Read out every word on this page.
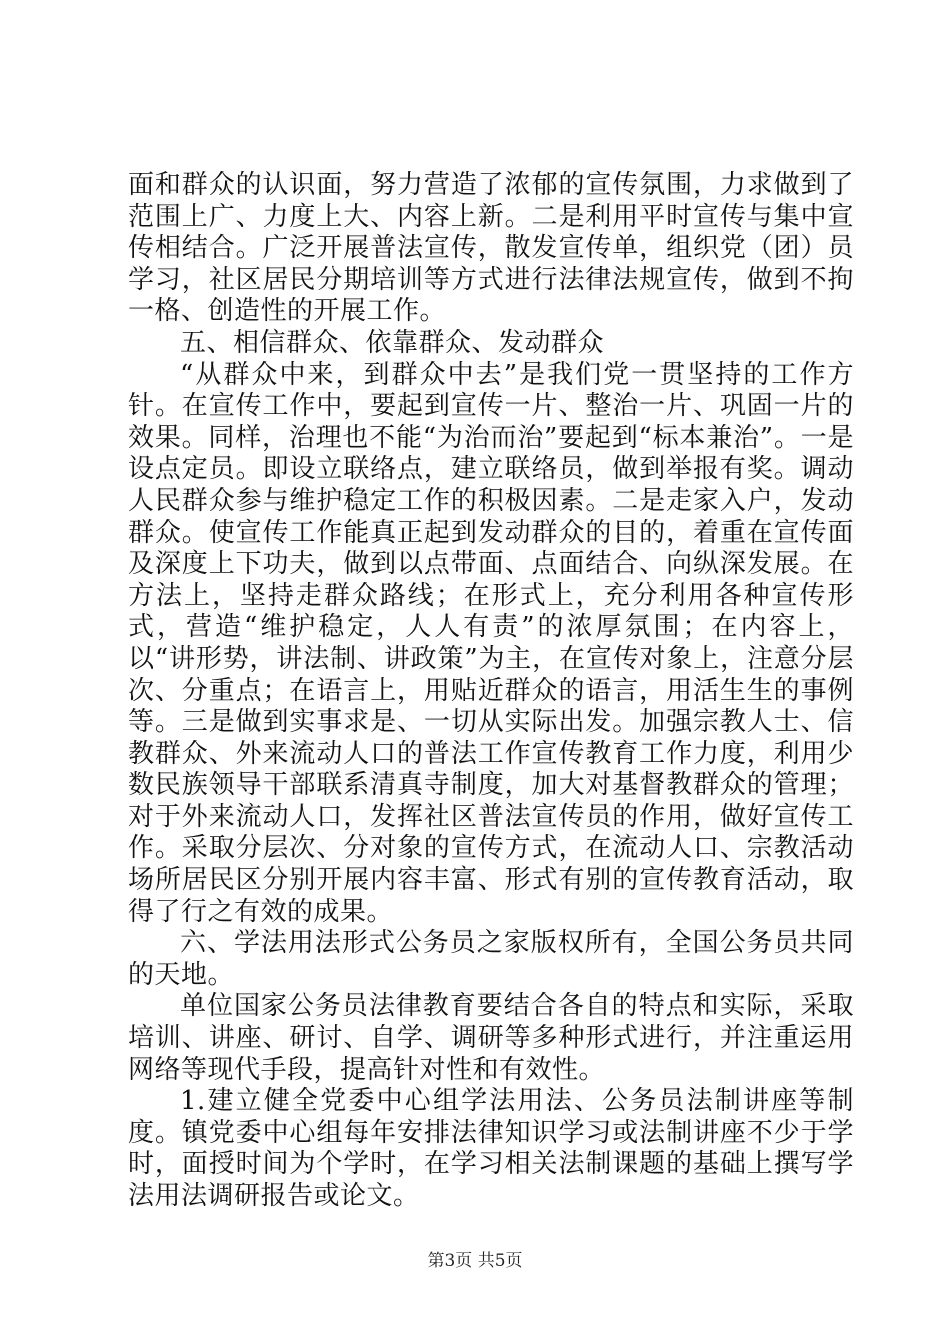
面和群众的认识面，努力营造了浓郁的宣传氛围，力求做到了范围上广、力度上大、内容上新。二是利用平时宣传与集中宣传相结合。广泛开展普法宣传，散发宣传单，组织党（团）员学习，社区居民分期培训等方式进行法律法规宣传，做到不拘一格、创造性的开展工作。

五、相信群众、依靠群众、发动群众

“从群众中来，到群众中去”是我们党一贯坚持的工作方针。在宣传工作中，要起到宣传一片、整治一片、巩固一片的效果。同样，治理也不能“为治而治”要起到“标本兼治”。一是设点定员。即设立联络点，建立联络员，做到举报有奖。调动人民群众参与维护稳定工作的积极因素。二是走家入户，发动群众。使宣传工作能真正起到发动群众的目的，着重在宣传面及深度上下功夫，做到以点带面、点面结合、向纵深发展。在方法上，坚持走群众路线；在形式上，充分利用各种宣传形式，营造“维护稳定，人人有责”的浓厚氛围；在内容上，以“讲形势，讲法制、讲政策”为主，在宣传对象上，注意分层次、分重点；在语言上，用贴近群众的语言，用活生生的事例等。三是做到实事求是、一切从实际出发。加强宗教人士、信教群众、外来流动人口的普法工作宣传教育工作力度，利用少数民族领导干部联系清真寺制度，加大对基督教群众的管理；对于外来流动人口，发挥社区普法宣传员的作用，做好宣传工作。采取分层次、分对象的宣传方式，在流动人口、宗教活动场所居民区分别开展内容丰富、形式有别的宣传教育活动，取得了行之有效的成果。

六、学法用法形式公务员之家版权所有，全国公务员共同的天地。

单位国家公务员法律教育要结合各自的特点和实际，采取培训、讲座、研讨、自学、调研等多种形式进行，并注重运用网络等现代手段，提高针对性和有效性。

1.建立健全党委中心组学法用法、公务员法制讲座等制度。镇党委中心组每年安排法律知识学习或法制讲座不少于学时，面授时间为个学时，在学习相关法制课题的基础上撰写学法用法调研报告或论文。

第3页 共5页
